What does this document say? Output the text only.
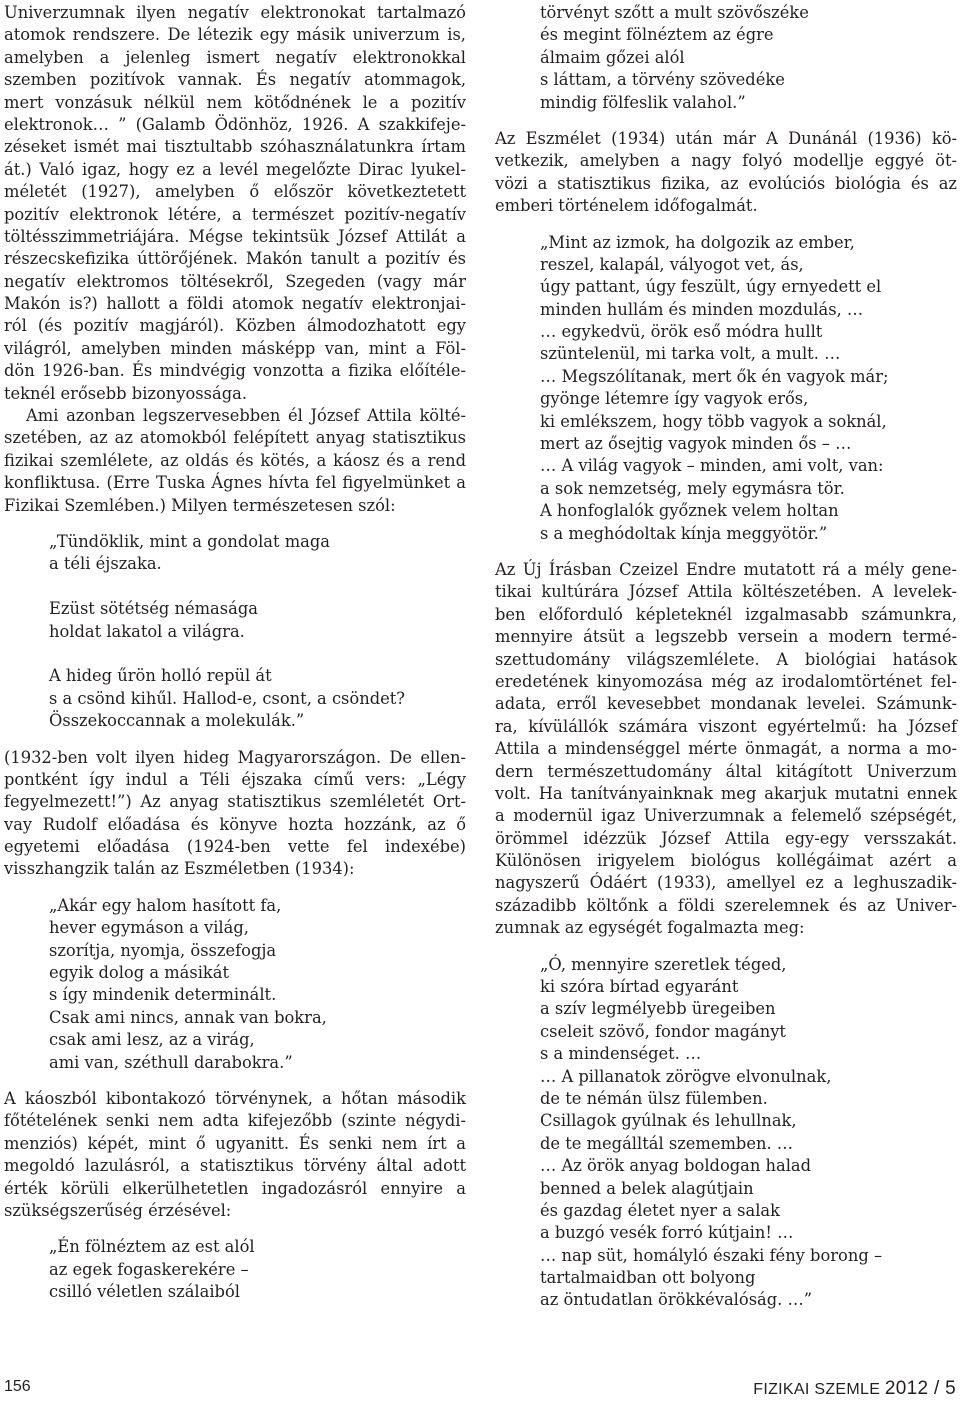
Univerzumnak ilyen negatív elektronokat tartalmazó
atomok rendszere. De létezik egy másik univerzum is,
amelyben a jelenleg ismert negatív elektronokkal
szemben pozitívok vannak. És negatív atommagok,
mert vonzásuk nélkül nem kötődnének le a pozitív
elektronok… ” (Galamb Ödönhöz, 1926. A szakkifeje-
zéseket ismét mai tisztultabb szóhasználatunkra írtam
át.) Való igaz, hogy ez a levél megelőzte Dirac lyukel-
méletét (1927), amelyben ő először következtetett
pozitív elektronok létére, a természet pozitív-negatív
töltésszimmetriájára. Mégse tekintsük József Attilát a
részecskefizika úttörőjének. Makón tanult a pozitív és
negatív elektromos töltésekről, Szegeden (vagy már
Makón is?) hallott a földi atomok negatív elektronjai-
ról (és pozitív magjáról). Közben álmodozhatott egy
világról, amelyben minden másképp van, mint a Föl-
dön 1926-ban. És mindvégig vonzotta a fizika előítéle-
teknél erősebb bizonyossága.
Ami azonban legszervesebben él József Attila költé-
szetében, az az atomokból felépített anyag statisztikus
fizikai szemlélete, az oldás és kötés, a káosz és a rend
konfliktusa. (Erre Tuska Ágnes hívta fel figyelmünket a
Fizikai Szemlében.) Milyen természetesen szól:
„Tündöklik, mint a gondolat maga
a téli éjszaka.
Ezüst sötétség némasága
holdat lakatol a világra.
A hideg űrön holló repül át
s a csönd kihűl. Hallod-e, csont, a csöndet?
Összekoccannak a molekulák.”
(1932-ben volt ilyen hideg Magyarországon. De ellen-
pontként így indul a Téli éjszaka című vers: „Légy
fegyelmezett!”) Az anyag statisztikus szemléletét Ort-
vay Rudolf előadása és könyve hozta hozzánk, az ő
egyetemi előadása (1924-ben vette fel indexébe)
visszhangzik talán az Eszméletben (1934):
„Akár egy halom hasított fa,
hever egymáson a világ,
szorítja, nyomja, összefogja
egyik dolog a másikát
s így mindenik determinált.
Csak ami nincs, annak van bokra,
csak ami lesz, az a virág,
ami van, széthull darabokra.”
A káoszból kibontakozó törvénynek, a hőtan második
főtételének senki nem adta kifejezőbb (szinte négydi-
menziós) képét, mint ő ugyanitt. És senki nem írt a
megoldó lazulásról, a statisztikus törvény által adott
érték körüli elkerülhetetlen ingadozásról ennyire a
szükségszerűség érzésével:
„Én fölnéztem az est alól
az egek fogaskerekére –
csilló véletlen szálaiból
törvényt szőtt a mult szövőszéke
és megint fölnéztem az égre
álmaim gőzei alól
s láttam, a törvény szövedéke
mindig fölfeslik valahol.”
Az Eszmélet (1934) után már A Dunánál (1936) kö-
vetkezik, amelyben a nagy folyó modellje eggyé öt-
vözi a statisztikus fizika, az evolúciós biológia és az
emberi történelem időfogalmát.
„Mint az izmok, ha dolgozik az ember,
reszel, kalapál, vályogot vet, ás,
úgy pattant, úgy feszült, úgy ernyedett el
minden hullám és minden mozdulás, …
… egykedvü, örök eső módra hullt
szüntelenül, mi tarka volt, a mult. …
… Megszólítanak, mert ők én vagyok már;
gyönge létemre így vagyok erős,
ki emlékszem, hogy több vagyok a soknál,
mert az ősejtig vagyok minden ős – …
… A világ vagyok – minden, ami volt, van:
a sok nemzetség, mely egymásra tör.
A honfoglalók győznek velem holtan
s a meghódoltak kínja meggyötör.”
Az Új Írásban Czeizel Endre mutatott rá a mély gene-
tikai kultúrára József Attila költészetében. A levelek-
ben előforduló képleteknél izgalmasabb számunkra,
mennyire átsüt a legszebb versein a modern termé-
szettudomány világszemlélete. A biológiai hatások
eredetének kinyomozása még az irodalomtörténet fel-
adata, erről kevesebbet mondanak levelei. Számunk-
ra, kívülállók számára viszont egyértelmű: ha József
Attila a mindenséggel mérte önmagát, a norma a mo-
dern természettudomány által kitágított Univerzum
volt. Ha tanítványainknak meg akarjuk mutatni ennek
a modernül igaz Univerzumnak a felemelő szépségét,
örömmel idézzük József Attila egy-egy versszakát.
Különösen irigyelem biológus kollégáimat azért a
nagyszerű Ódáért (1933), amellyel ez a leghuszadik-
századibb költőnk a földi szerelemnek és az Univer-
zumnak az egységét fogalmazta meg:
„Ó, mennyire szeretlek téged,
ki szóra bírtad egyaránt
a szív legmélyebb üregeiben
cseleit szövő, fondor magányt
s a mindenséget. …
… A pillanatok zörögve elvonulnak,
de te némán ülsz fülemben.
Csillagok gyúlnak és lehullnak,
de te megálltál szememben. …
… Az örök anyag boldogan halad
benned a belek alagútjain
és gazdag életet nyer a salak
a buzgó vesék forró kútjain! …
… nap süt, homályló északi fény borong –
tartalmaidban ott bolyong
az öntudatlan örökkévalóság. …”
156	FIZIKAI SZEMLE 2012 / 5
